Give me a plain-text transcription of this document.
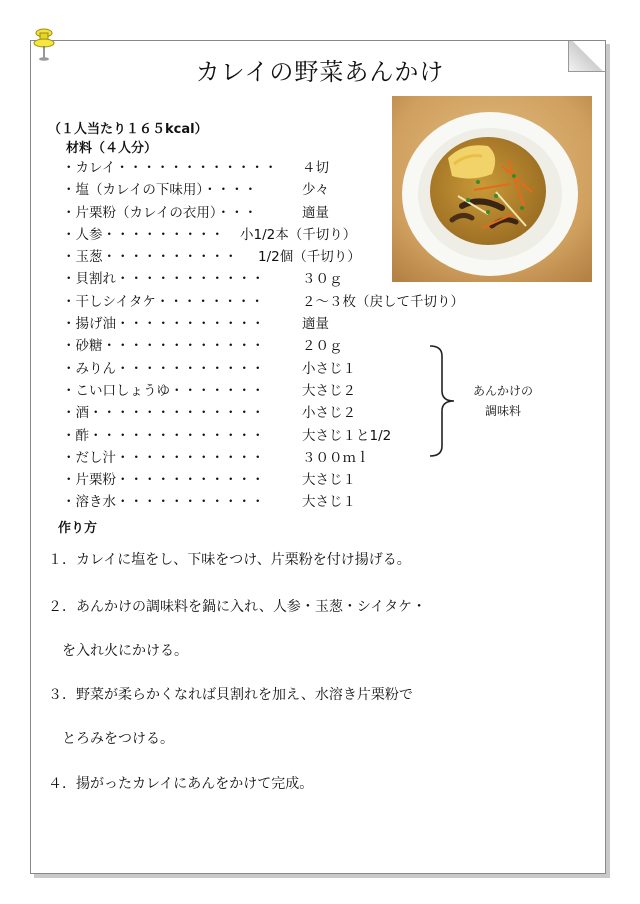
カレイの野菜あんかけ
（１人当たり１６５kcal）
材料（４人分）
・カレイ・・・・・・・・・・・・ ４切
・塩（カレイの下味用）・・・・	少々
・片栗粉（カレイの衣用）・・・	適量
・人参・・・・・・・・・ 小1/2本（千切り）
・玉葱・・・・・・・・・・ 1/2個（千切り）
・貝割れ・・・・・・・・・・・	３０ｇ
・干しシイタケ・・・・・・・・	２〜３枚（戻して千切り）
・揚げ油・・・・・・・・・・・	適量
・砂糖・・・・・・・・・・・・	２０ｇ
・みりん・・・・・・・・・・・	小さじ１
・こい口しょうゆ・・・・・・・	大さじ２
・酒・・・・・・・・・・・・・	小さじ２
・酢・・・・・・・・・・・・・	大さじ１と1/2
・だし汁・・・・・・・・・・・	３００ｍｌ
・片栗粉・・・・・・・・・・・	大さじ１
・溶き水・・・・・・・・・・・	大さじ１
あんかけの
調味料
作り方
１．カレイに塩をし、下味をつけ、片栗粉を付け揚げる。
２．あんかけの調味料を鍋に入れ、人参・玉葱・シイタケ・
　を入れ火にかける。
３．野菜が柔らかくなれば貝割れを加え、水溶き片栗粉で
　とろみをつける。
４．揚がったカレイにあんをかけて完成。
